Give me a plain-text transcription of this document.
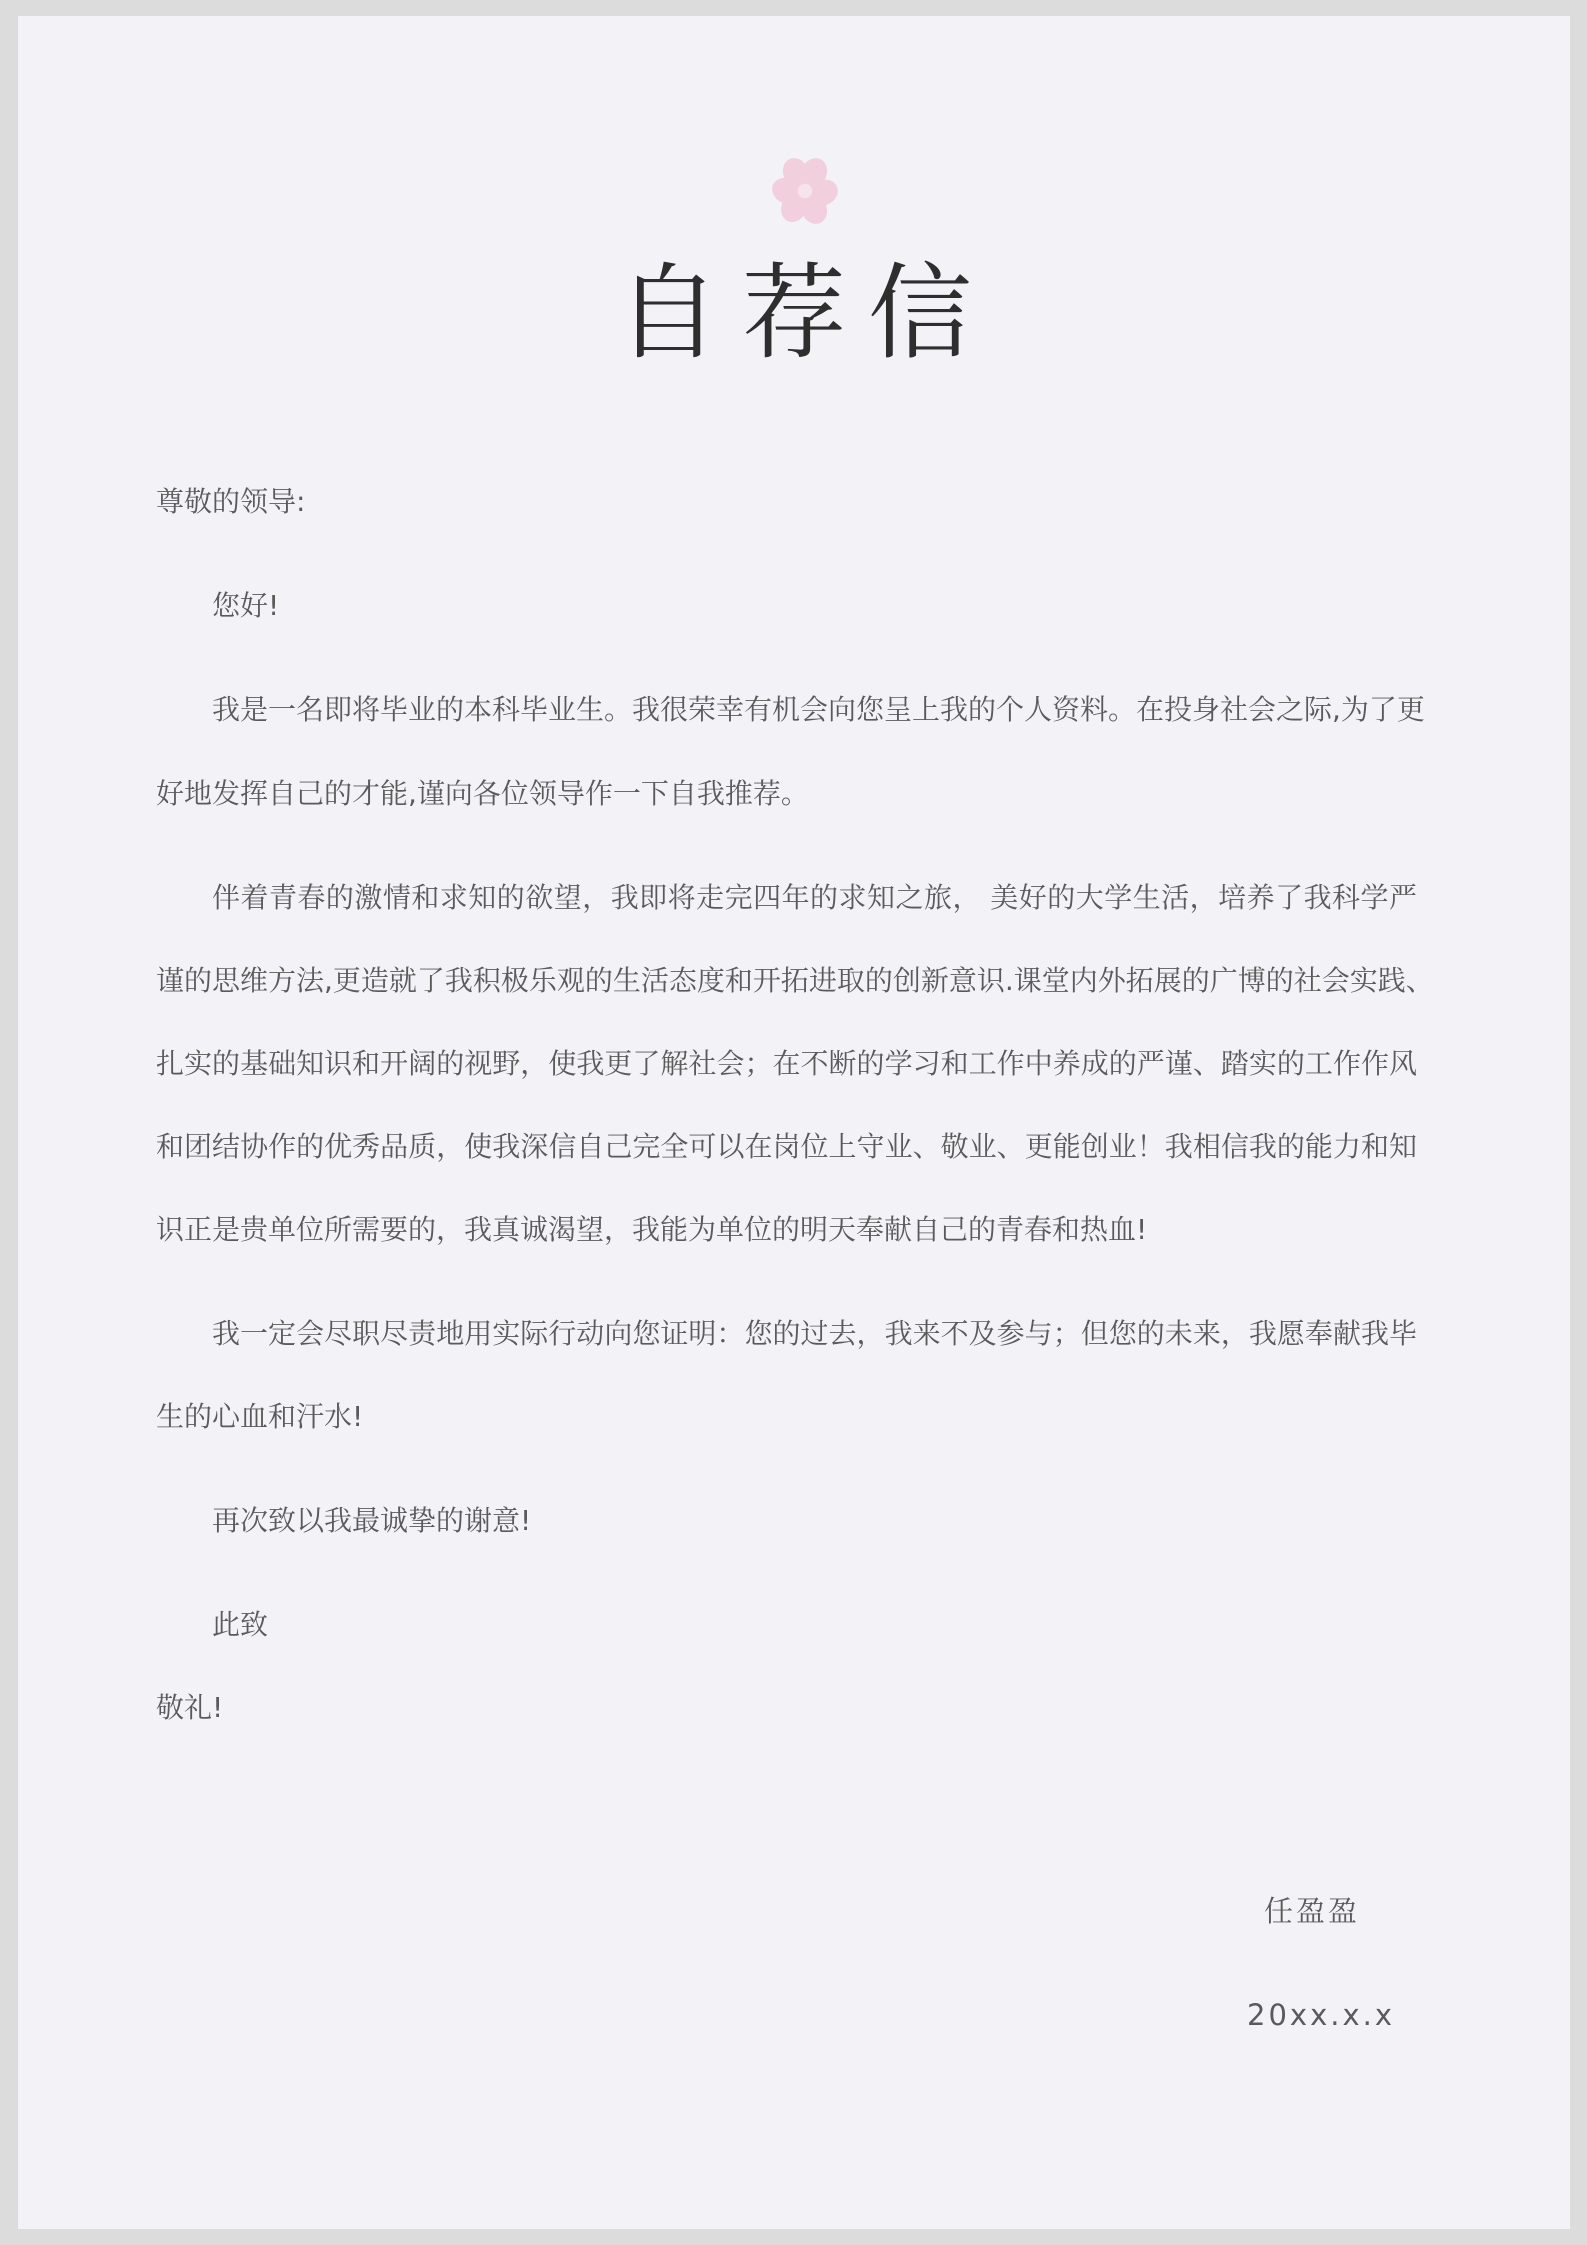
自荐信
尊敬的领导:
您好!
我是一名即将毕业的本科毕业生。我很荣幸有机会向您呈上我的个人资料。在投身社会之际,为了更
好地发挥自己的才能,谨向各位领导作一下自我推荐。
伴着青春的激情和求知的欲望，我即将走完四年的求知之旅， 美好的大学生活，培养了我科学严
谨的思维方法,更造就了我积极乐观的生活态度和开拓进取的创新意识.课堂内外拓展的广博的社会实践、
扎实的基础知识和开阔的视野，使我更了解社会；在不断的学习和工作中养成的严谨、踏实的工作作风
和团结协作的优秀品质，使我深信自己完全可以在岗位上守业、敬业、更能创业！我相信我的能力和知
识正是贵单位所需要的，我真诚渴望，我能为单位的明天奉献自己的青春和热血!
我一定会尽职尽责地用实际行动向您证明：您的过去，我来不及参与；但您的未来，我愿奉献我毕
生的心血和汗水!
再次致以我最诚挚的谢意!
此致
敬礼!
任盈盈
20xx.x.x
